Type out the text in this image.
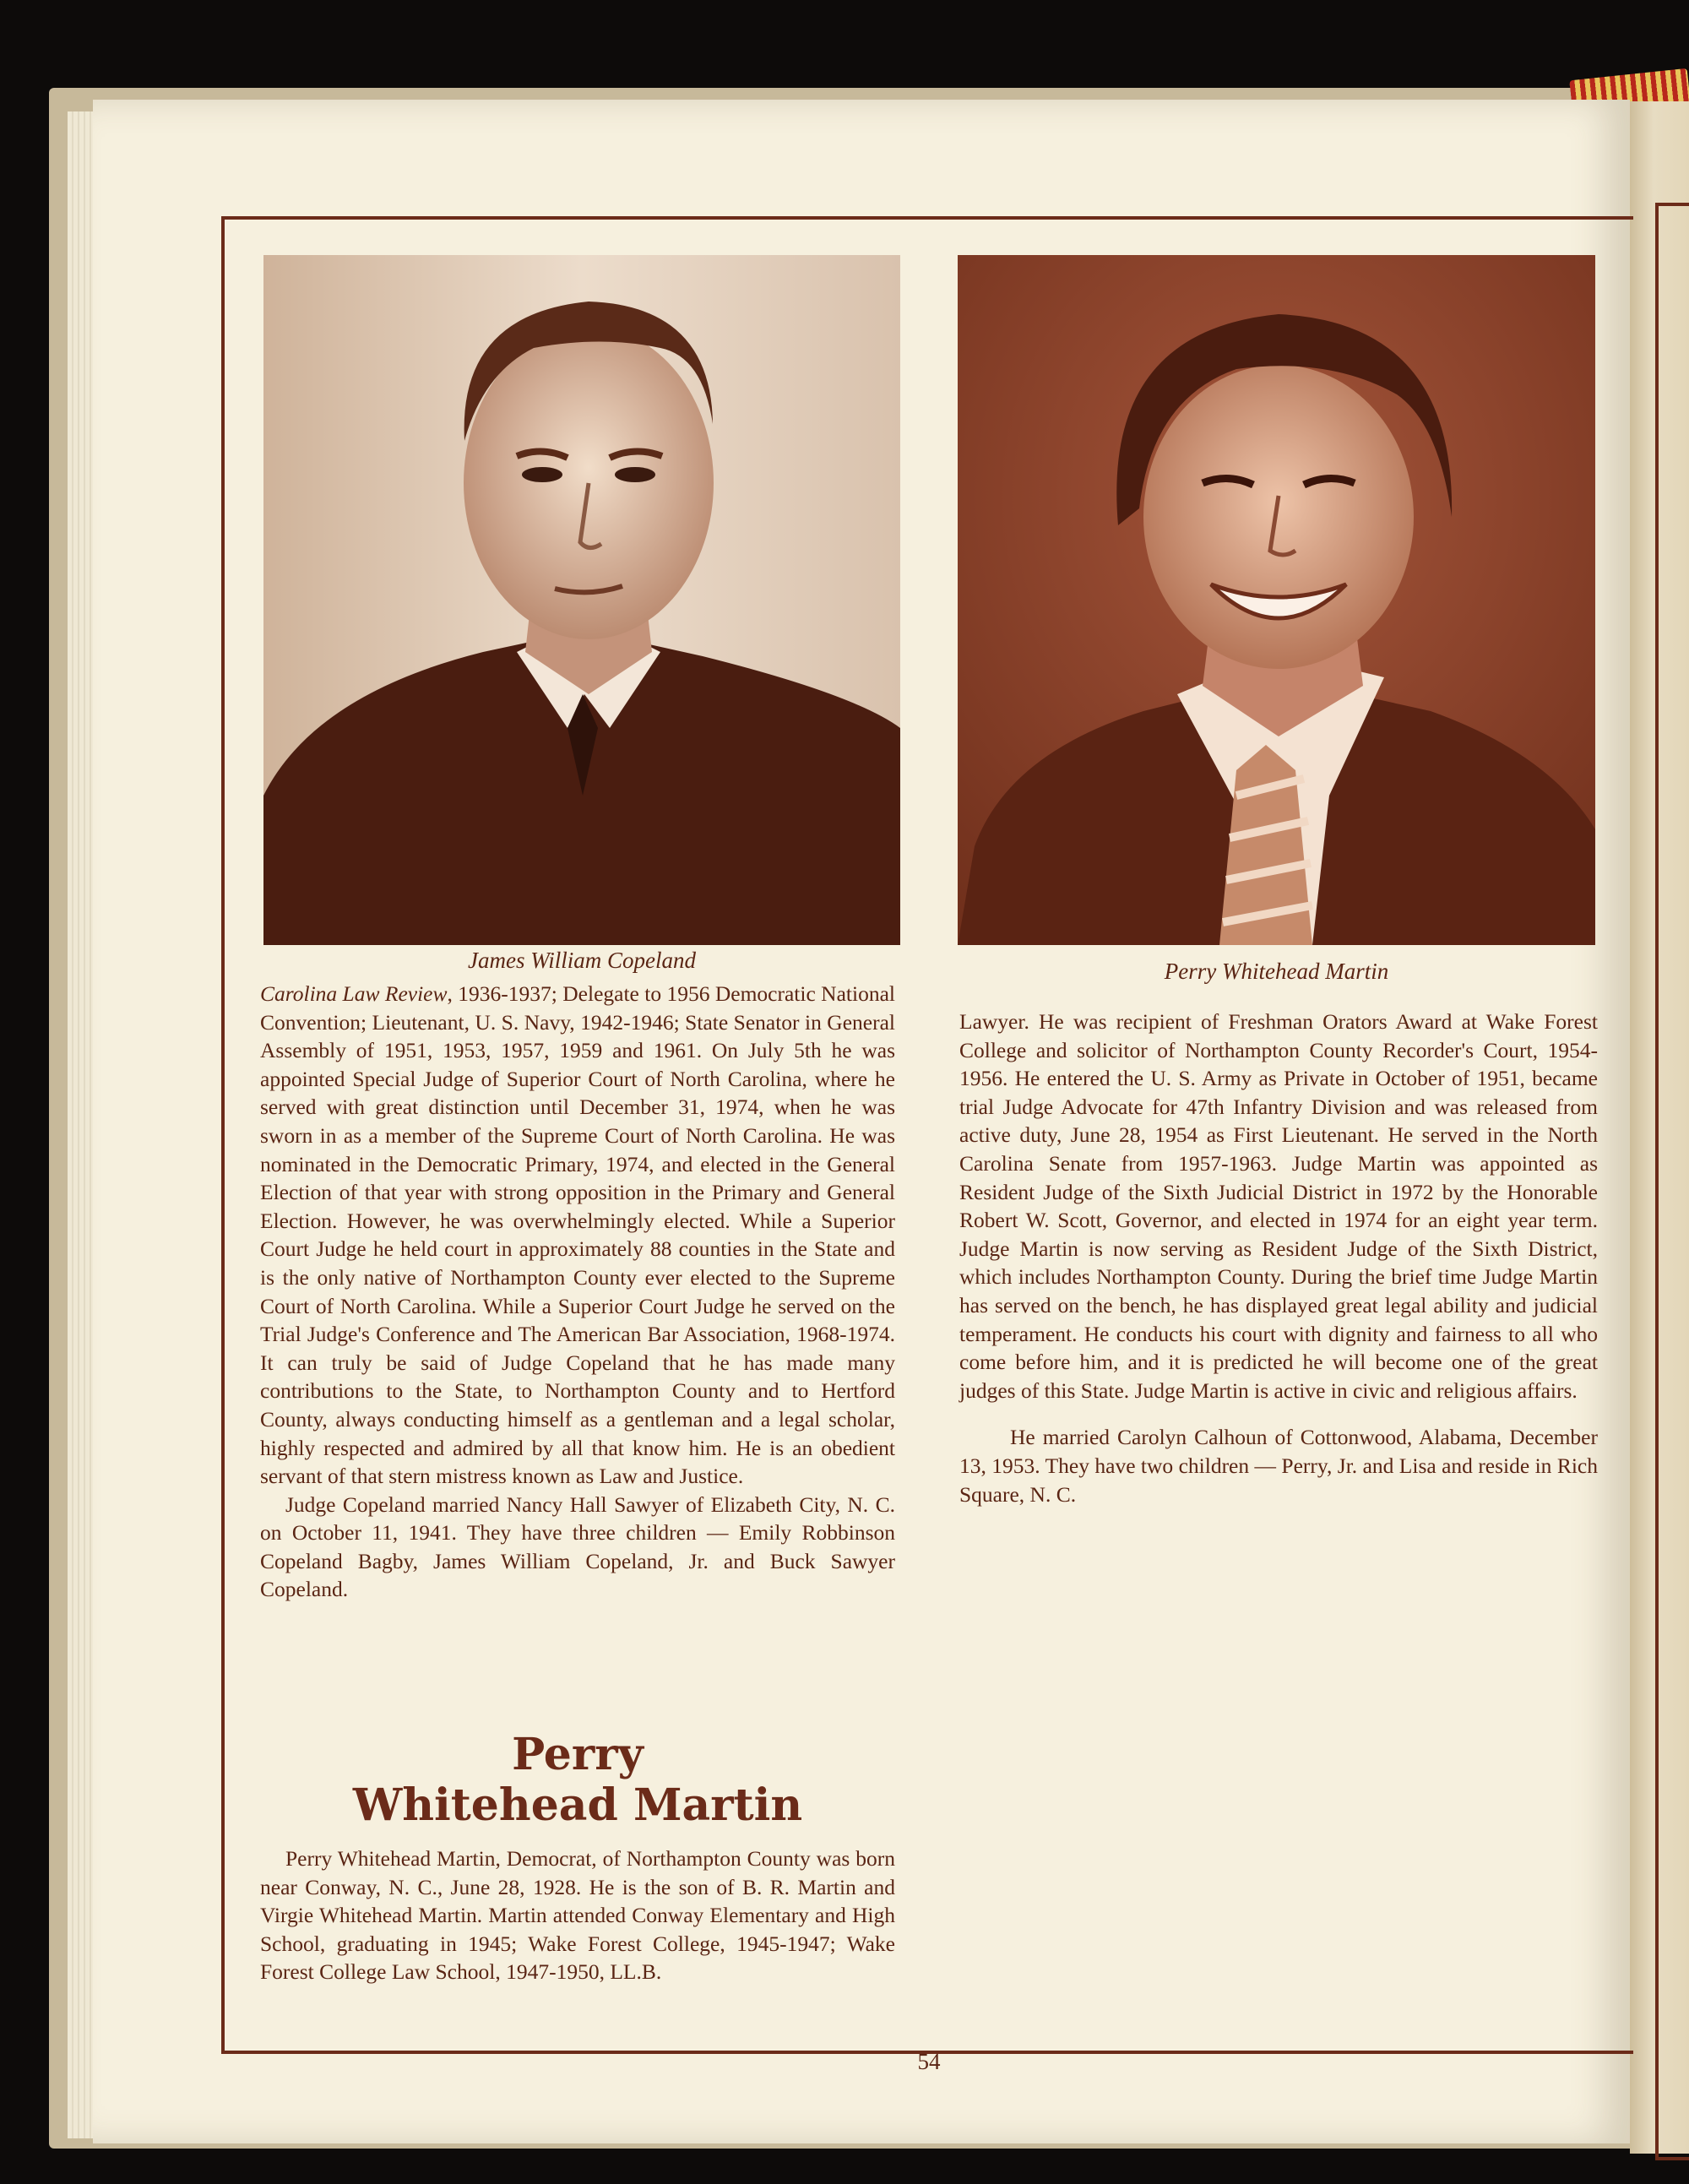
James William Copeland	Perry Whitehead Martin

Carolina Law Review, 1936-1937; Delegate to 1956 Democratic National Convention; Lieutenant, U. S. Navy, 1942-1946; State Senator in General Assembly of 1951, 1953, 1957, 1959 and 1961. On July 5th he was appointed Special Judge of Superior Court of North Carolina, where he served with great distinction until December 31, 1974, when he was sworn in as a member of the Supreme Court of North Carolina. He was nominated in the Democratic Primary, 1974, and elected in the General Election of that year with strong opposition in the Primary and General Election. However, he was overwhelmingly elected. While a Superior Court Judge he held court in approximately 88 counties in the State and is the only native of Northampton County ever elected to the Supreme Court of North Carolina. While a Superior Court Judge he served on the Trial Judge's Conference and The American Bar Association, 1968-1974. It can truly be said of Judge Copeland that he has made many contributions to the State, to Northampton County and to Hertford County, always conducting himself as a gentleman and a legal scholar, highly respected and admired by all that know him. He is an obedient servant of that stern mistress known as Law and Justice.

Judge Copeland married Nancy Hall Sawyer of Elizabeth City, N. C. on October 11, 1941. They have three children — Emily Robbinson Copeland Bagby, James William Copeland, Jr. and Buck Sawyer Copeland.

Perry
Whitehead Martin

Perry Whitehead Martin, Democrat, of Northampton County was born near Conway, N. C., June 28, 1928. He is the son of B. R. Martin and Virgie Whitehead Martin. Martin attended Conway Elementary and High School, graduating in 1945; Wake Forest College, 1945-1947; Wake Forest College Law School, 1947-1950, LL.B.

Lawyer. He was recipient of Freshman Orators Award at Wake Forest College and solicitor of Northampton County Recorder's Court, 1954-1956. He entered the U. S. Army as Private in October of 1951, became trial Judge Advocate for 47th Infantry Division and was released from active duty, June 28, 1954 as First Lieutenant. He served in the North Carolina Senate from 1957-1963. Judge Martin was appointed as Resident Judge of the Sixth Judicial District in 1972 by the Honorable Robert W. Scott, Governor, and elected in 1974 for an eight year term. Judge Martin is now serving as Resident Judge of the Sixth District, which includes Northampton County. During the brief time Judge Martin has served on the bench, he has displayed great legal ability and judicial temperament. He conducts his court with dignity and fairness to all who come before him, and it is predicted he will become one of the great judges of this State. Judge Martin is active in civic and religious affairs.

He married Carolyn Calhoun of Cottonwood, Alabama, December 13, 1953. They have two children — Perry, Jr. and Lisa and reside in Rich Square, N. C.

54
